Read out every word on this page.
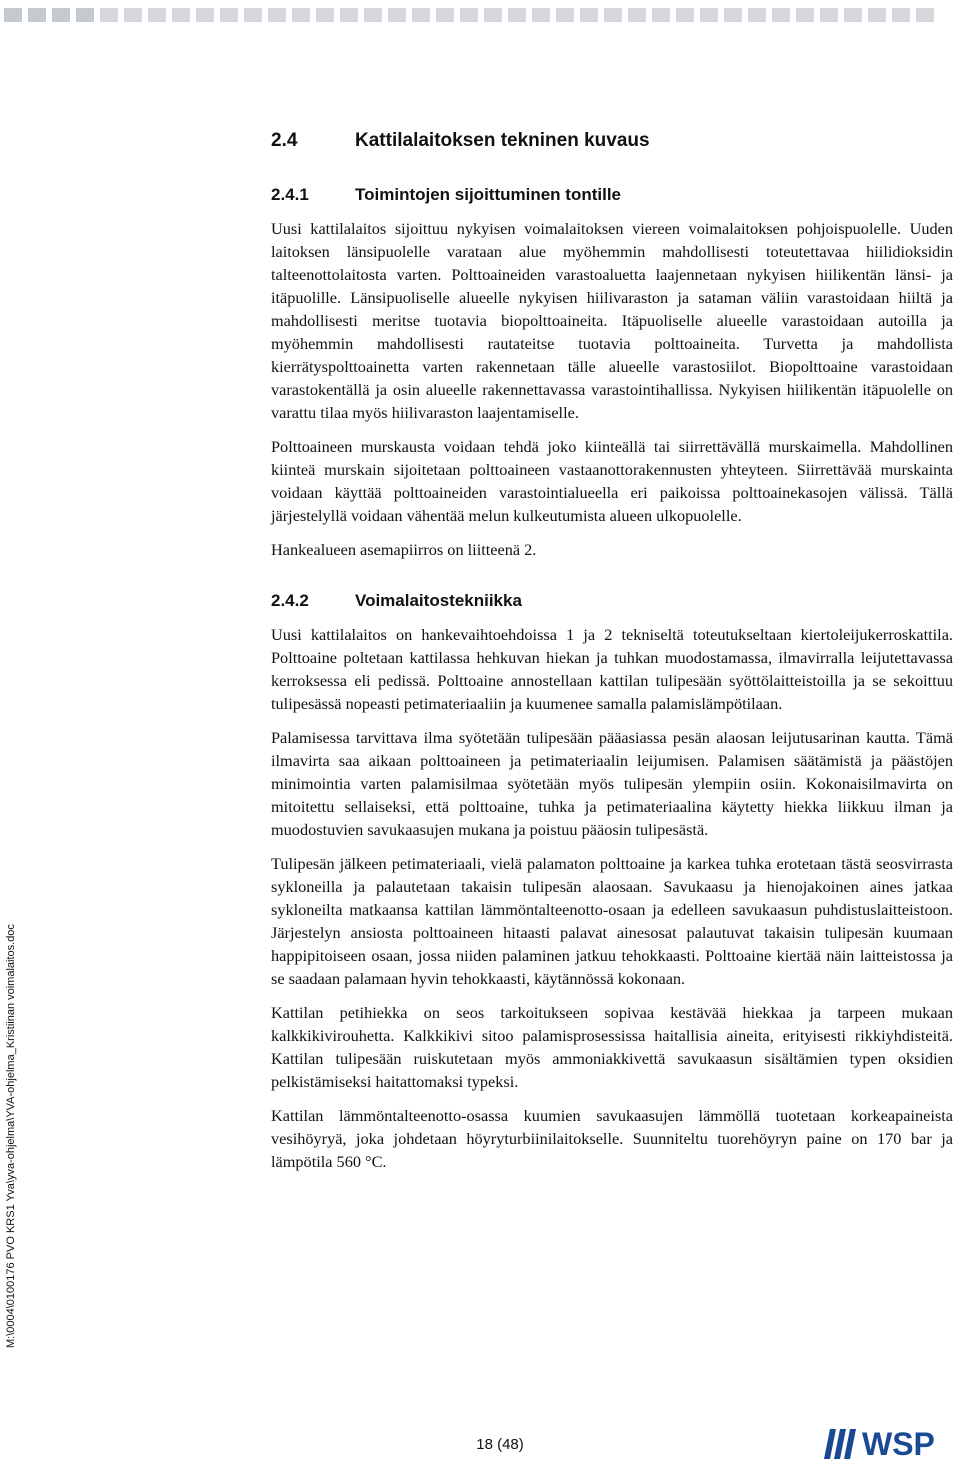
2.4	Kattilalaitoksen tekninen kuvaus
2.4.1	Toimintojen sijoittuminen tontille

Uusi kattilalaitos sijoittuu nykyisen voimalaitoksen viereen voimalaitoksen pohjoispuolelle. Uuden laitoksen länsipuolelle varataan alue myöhemmin mahdollisesti toteutettavaa hiilidioksidin talteenottolaitosta varten. Polttoaineiden varastoaluetta laajennetaan nykyisen hiilikentän länsi- ja itäpuolille. Länsipuoliselle alueelle nykyisen hiilivaraston ja sataman väliin varastoidaan hiiltä ja mahdollisesti meritse tuotavia biopolttoaineita. Itäpuoliselle alueelle varastoidaan autoilla ja myöhemmin mahdollisesti rautateitse tuotavia polttoaineita. Turvetta ja mahdollista kierrätyspolttoainetta varten rakennetaan tälle alueelle varastosiilot. Biopolttoaine varastoidaan varastokentällä ja osin alueelle rakennettavassa varastointihallissa. Nykyisen hiilikentän itäpuolelle on varattu tilaa myös hiilivaraston laajentamiselle.

Polttoaineen murskausta voidaan tehdä joko kiinteällä tai siirrettävällä murskaimella. Mahdollinen kiinteä murskain sijoitetaan polttoaineen vastaanottorakennusten yhteyteen. Siirrettävää murskainta voidaan käyttää polttoaineiden varastointialueella eri paikoissa polttoainekasojen välissä. Tällä järjestelyllä voidaan vähentää melun kulkeutumista alueen ulkopuolelle.

Hankealueen asemapiirros on liitteenä 2.

2.4.2	Voimalaitostekniikka

Uusi kattilalaitos on hankevaihtoehdoissa 1 ja 2 tekniseltä toteutukseltaan kiertoleijukerroskattila. Polttoaine poltetaan kattilassa hehkuvan hiekan ja tuhkan muodostamassa, ilmavirralla leijutettavassa kerroksessa eli pedissä. Polttoaine annostellaan kattilan tulipesään syöttölaitteistoilla ja se sekoittuu tulipesässä nopeasti petimateriaaliin ja kuumenee samalla palamislämpötilaan.

Palamisessa tarvittava ilma syötetään tulipesään pääasiassa pesän alaosan leijutusarinan kautta. Tämä ilmavirta saa aikaan polttoaineen ja petimateriaalin leijumisen. Palamisen säätämistä ja päästöjen minimointia varten palamisilmaa syötetään myös tulipesän ylempiin osiin. Kokonaisilmavirta on mitoitettu sellaiseksi, että polttoaine, tuhka ja petimateriaalina käytetty hiekka liikkuu ilman ja muodostuvien savukaasujen mukana ja poistuu pääosin tulipesästä.

Tulipesän jälkeen petimateriaali, vielä palamaton polttoaine ja karkea tuhka erotetaan tästä seosvirrasta sykloneilla ja palautetaan takaisin tulipesän alaosaan. Savukaasu ja hienojakoinen aines jatkaa sykloneilta matkaansa kattilan lämmöntalteenotto-osaan ja edelleen savukaasun puhdistuslaitteistoon. Järjestelyn ansiosta polttoaineen hitaasti palavat ainesosat palautuvat takaisin tulipesän kuumaan happipitoiseen osaan, jossa niiden palaminen jatkuu tehokkaasti. Polttoaine kiertää näin laitteistossa ja se saadaan palamaan hyvin tehokkaasti, käytännössä kokonaan.

Kattilan petihiekka on seos tarkoitukseen sopivaa kestävää hiekkaa ja tarpeen mukaan kalkkikivirouhetta. Kalkkikivi sitoo palamisprosessissa haitallisia aineita, erityisesti rikkiyhdisteitä. Kattilan tulipesään ruiskutetaan myös ammoniakkivettä savukaasun sisältämien typen oksidien pelkistämiseksi haitattomaksi typeksi.

Kattilan lämmöntalteenotto-osassa kuumien savukaasujen lämmöllä tuotetaan korkeapaineista vesihöyryä, joka johdetaan höyryturbiinilaitokselle. Suunniteltu tuorehöyryn paine on 170 bar ja lämpötila 560 °C.

M:\0004\0100176 PVO KRS1 Yva\yva-ohjelma\YVA-ohjelma_Kristiinan voimalaitos.doc
18 (48)	WSP
